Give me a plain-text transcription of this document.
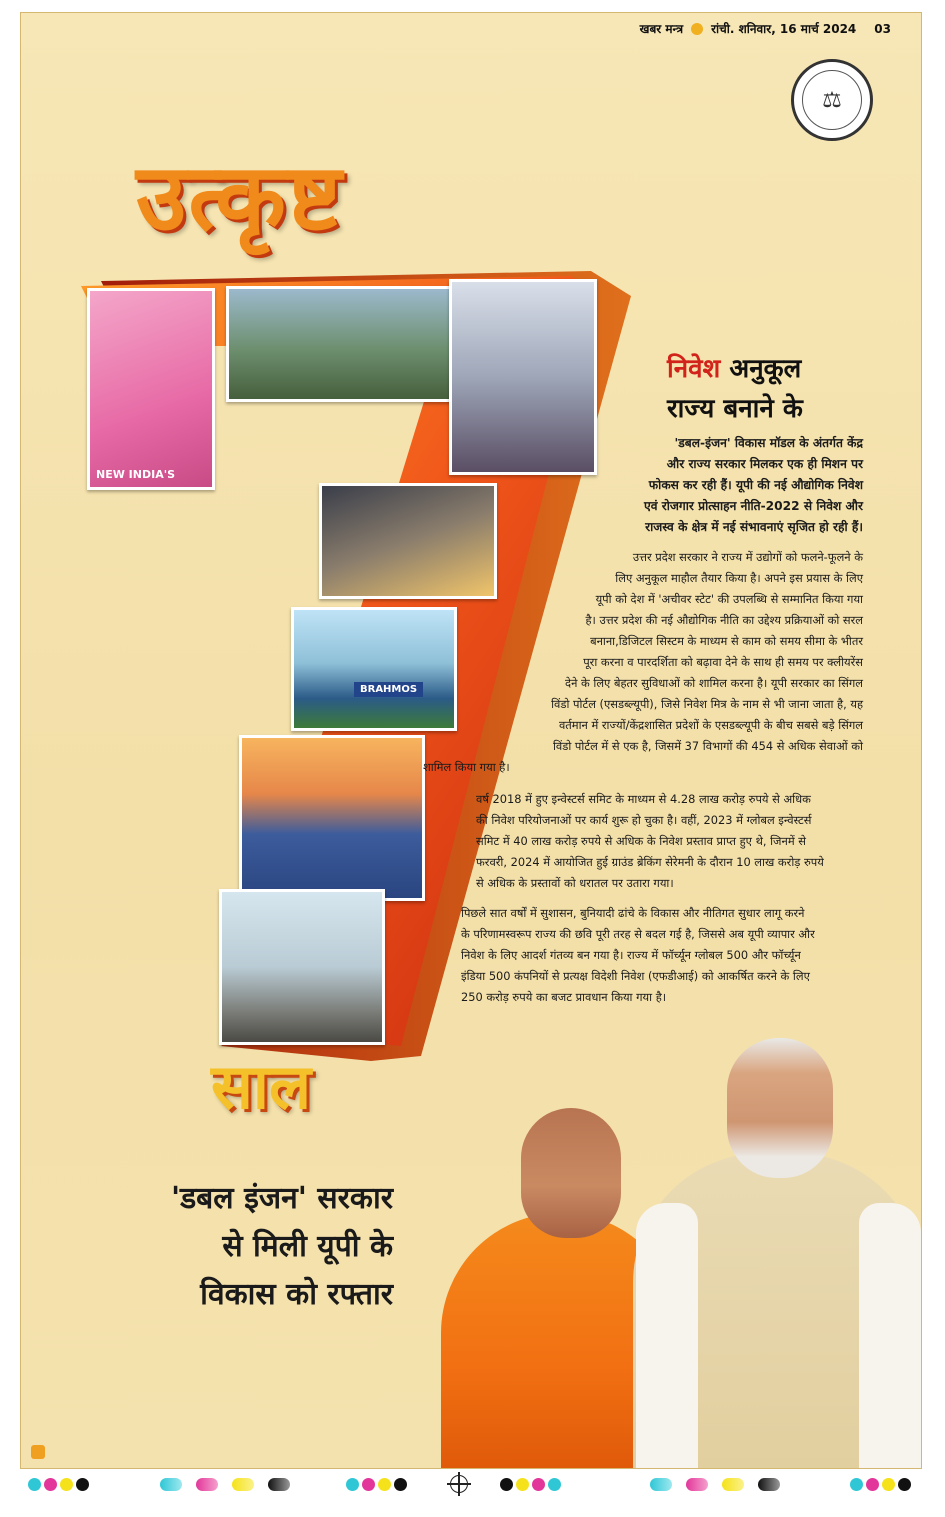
खबर मन्त्र रांची. शनिवार, 16 मार्च 2024 03
⚖
उत्कृष्ट
NEW INDIA'S
BRAHMOS
साल
निवेश अनुकूल
राज्य बनाने के
'डबल-इंजन' विकास मॉडल के अंतर्गत केंद्र
और राज्य सरकार मिलकर एक ही मिशन पर
फोकस कर रही हैं। यूपी की नई औद्योगिक निवेश
एवं रोजगार प्रोत्साहन नीति-2022 से निवेश और
राजस्व के क्षेत्र में नई संभावनाएं सृजित हो रही हैं।
उत्तर प्रदेश सरकार ने राज्य में उद्योगों को फलने-फूलने के
लिए अनुकूल माहौल तैयार किया है। अपने इस प्रयास के लिए
यूपी को देश में 'अचीवर स्टेट' की उपलब्धि से सम्मानित किया गया
है। उत्तर प्रदेश की नई औद्योगिक नीति का उद्देश्य प्रक्रियाओं को सरल
बनाना,डिजिटल सिस्टम के माध्यम से काम को समय सीमा के भीतर
पूरा करना व पारदर्शिता को बढ़ावा देने के साथ ही समय पर क्लीयरेंस
देने के लिए बेहतर सुविधाओं को शामिल करना है। यूपी सरकार का सिंगल
विंडो पोर्टल (एसडब्ल्यूपी), जिसे निवेश मित्र के नाम से भी जाना जाता है, यह
वर्तमान में राज्यों/केंद्रशासित प्रदेशों के एसडब्ल्यूपी के बीच सबसे बड़े सिंगल
विंडो पोर्टल में से एक है, जिसमें 37 विभागों की 454 से अधिक सेवाओं को
शामिल किया गया है।
वर्ष 2018 में हुए इन्वेस्टर्स समिट के माध्यम से 4.28 लाख करोड़ रुपये से अधिक
की निवेश परियोजनाओं पर कार्य शुरू हो चुका है। वहीं, 2023 में ग्लोबल इन्वेस्टर्स
समिट में 40 लाख करोड़ रुपये से अधिक के निवेश प्रस्ताव प्राप्त हुए थे, जिनमें से
फरवरी, 2024 में आयोजित हुई ग्राउंड ब्रेकिंग सेरेमनी के दौरान 10 लाख करोड़ रुपये
से अधिक के प्रस्तावों को धरातल पर उतारा गया।
पिछले सात वर्षों में सुशासन, बुनियादी ढांचे के विकास और नीतिगत सुधार लागू करने
के परिणामस्वरूप राज्य की छवि पूरी तरह से बदल गई है, जिससे अब यूपी व्यापार और
निवेश के लिए आदर्श गंतव्य बन गया है। राज्य में फॉर्च्यून ग्लोबल 500 और फॉर्च्यून
इंडिया 500 कंपनियों से प्रत्यक्ष विदेशी निवेश (एफडीआई) को आकर्षित करने के लिए
250 करोड़ रुपये का बजट प्रावधान किया गया है।
'डबल इंजन' सरकार
से मिली यूपी के
विकास को रफ्तार
